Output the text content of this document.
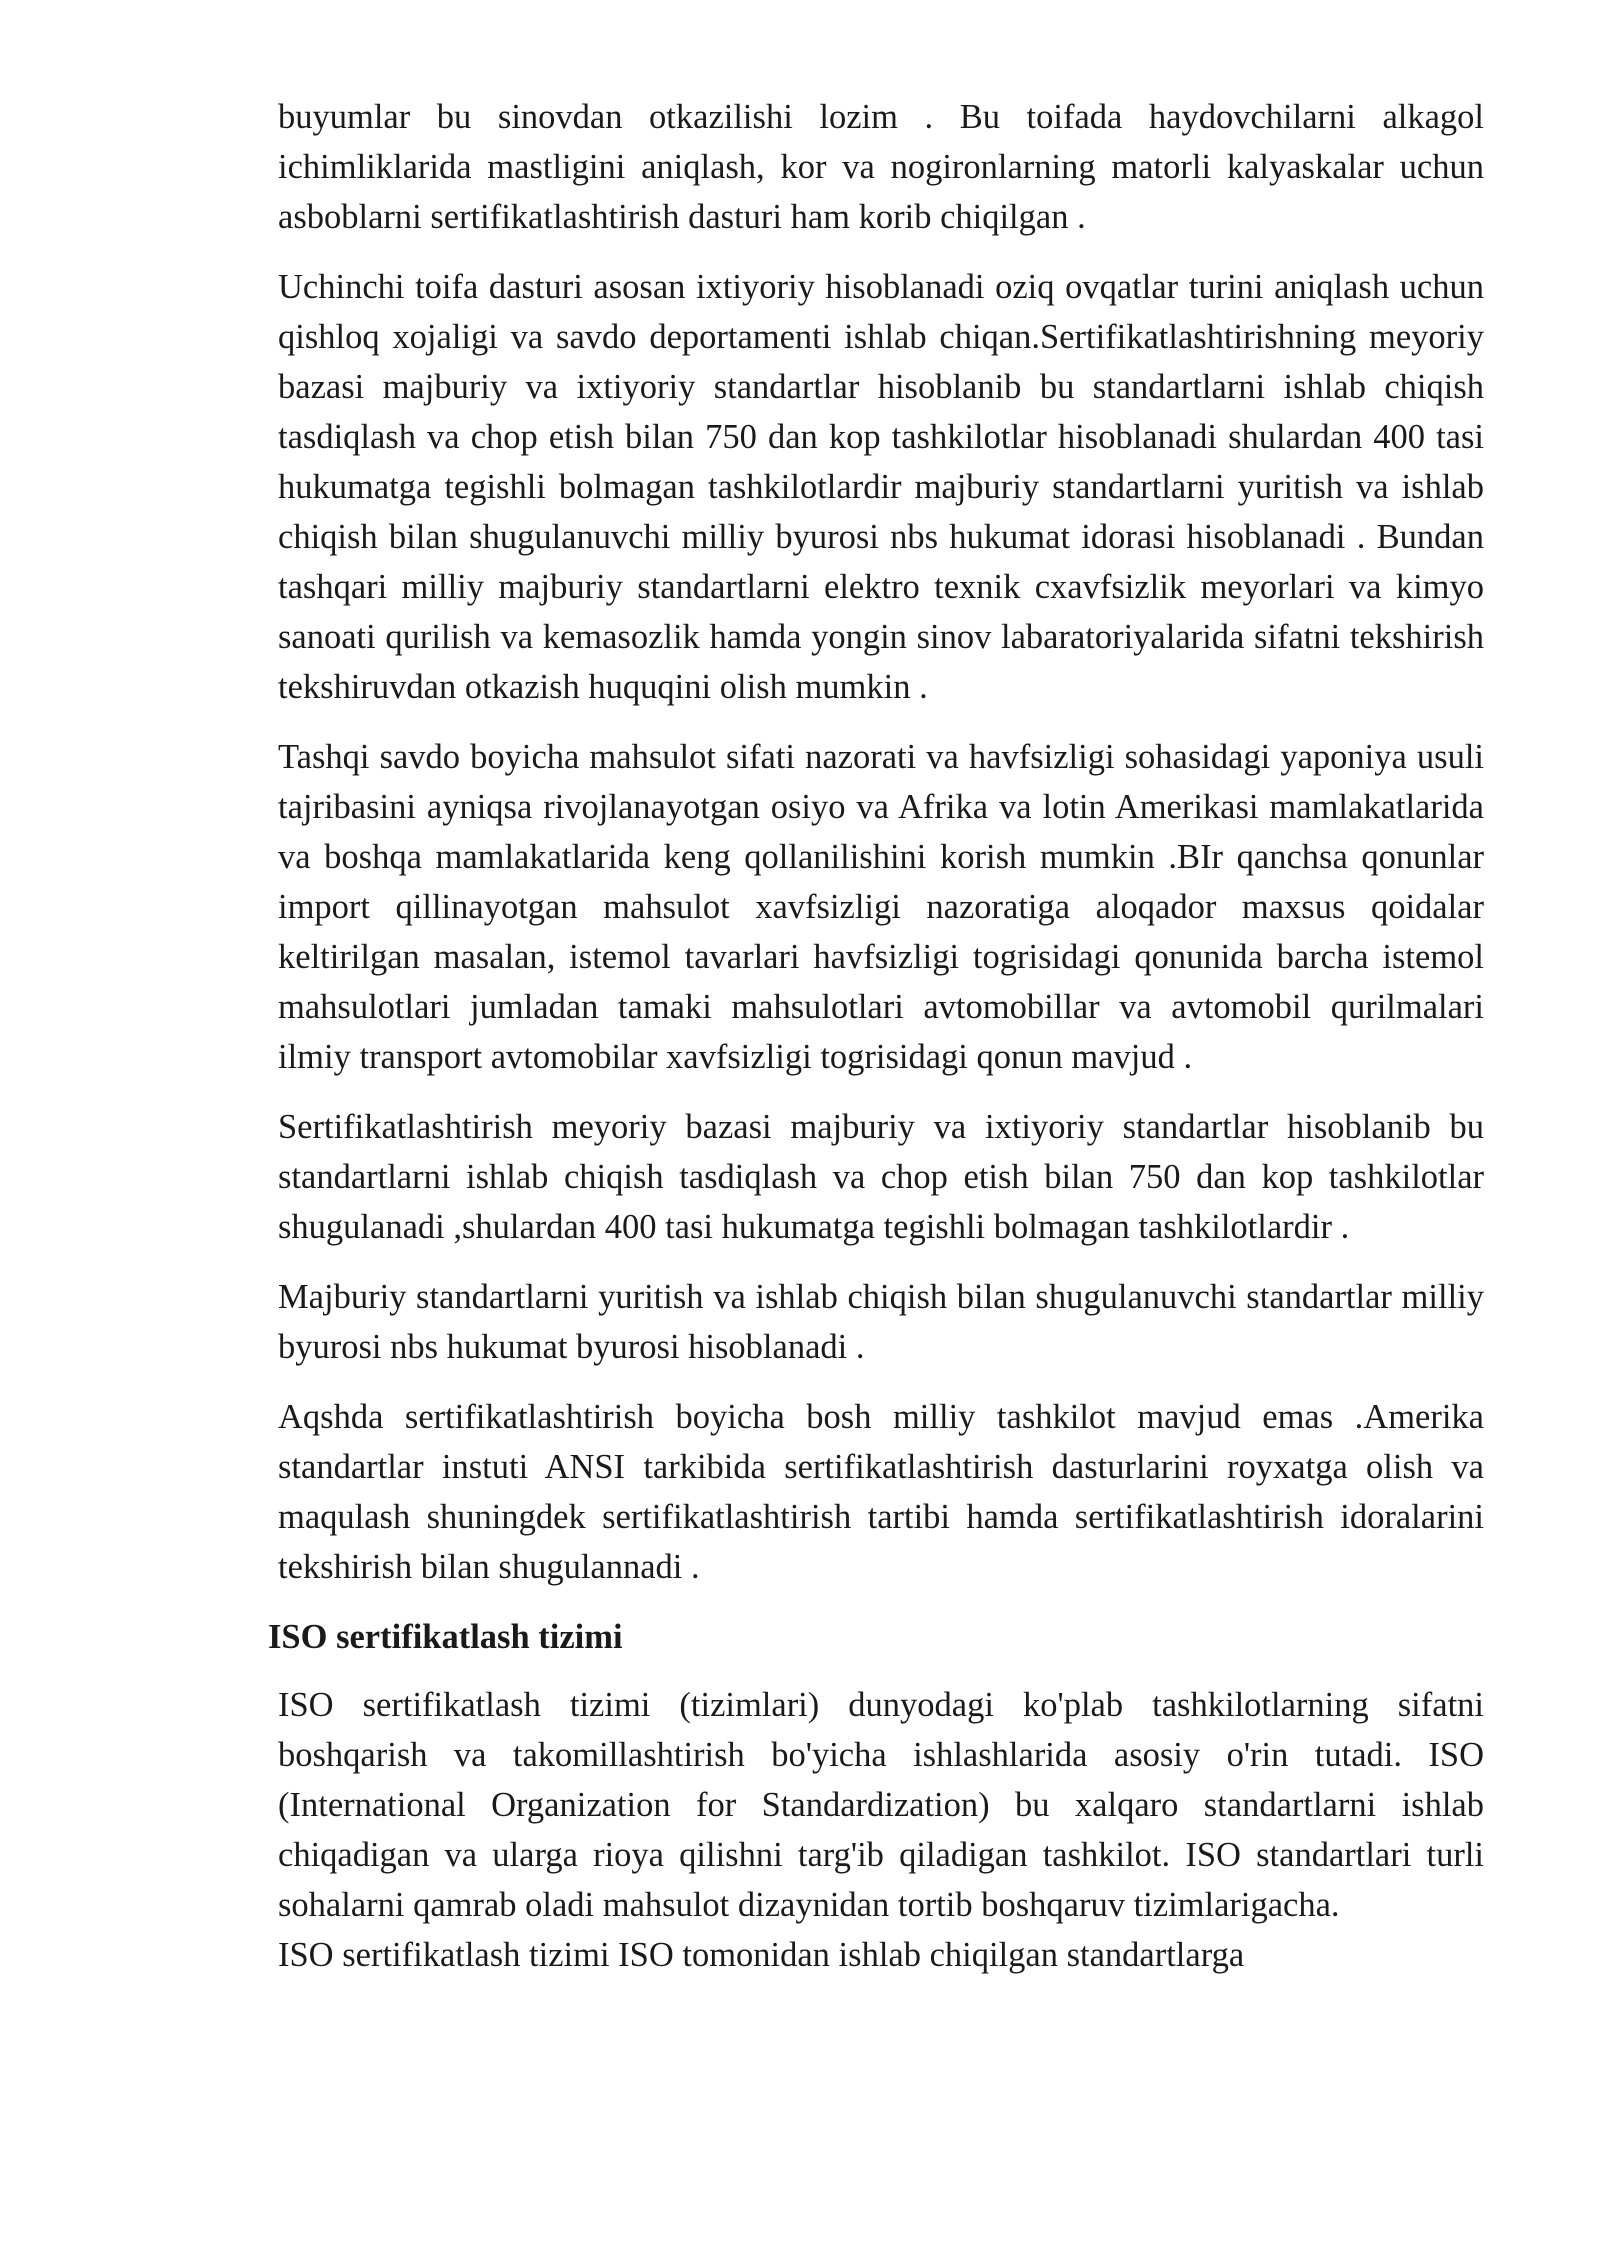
buyumlar bu sinovdan otkazilishi lozim . Bu toifada haydovchilarni alkagol ichimliklarida mastligini aniqlash, kor va nogironlarning matorli kalyaskalar uchun asboblarni sertifikatlashtirish dasturi ham korib chiqilgan .

Uchinchi toifa dasturi asosan ixtiyoriy hisoblanadi oziq ovqatlar turini aniqlash uchun qishloq xojaligi va savdo deportamenti ishlab chiqan.Sertifikatlashtirishning meyoriy bazasi majburiy va ixtiyoriy standartlar hisoblanib bu standartlarni ishlab chiqish tasdiqlash va chop etish bilan 750 dan kop tashkilotlar hisoblanadi shulardan 400 tasi hukumatga tegishli bolmagan tashkilotlardir majburiy standartlarni yuritish va ishlab chiqish bilan shugulanuvchi milliy byurosi nbs hukumat idorasi hisoblanadi . Bundan tashqari milliy majburiy standartlarni elektro texnik cxavfsizlik meyorlari va kimyo sanoati qurilish va kemasozlik hamda yongin sinov labaratoriyalarida sifatni tekshirish tekshiruvdan otkazish huquqini olish mumkin .

Tashqi savdo boyicha mahsulot sifati nazorati va havfsizligi sohasidagi yaponiya usuli tajribasini ayniqsa rivojlanayotgan osiyo va Afrika va lotin Amerikasi mamlakatlarida va boshqa mamlakatlarida keng qollanilishini korish mumkin .BIr qanchsa qonunlar import qillinayotgan mahsulot xavfsizligi nazoratiga aloqador maxsus qoidalar keltirilgan masalan, istemol tavarlari havfsizligi togrisidagi qonunida barcha istemol mahsulotlari jumladan tamaki mahsulotlari avtomobillar va avtomobil qurilmalari ilmiy transport avtomobilar xavfsizligi togrisidagi qonun mavjud .

Sertifikatlashtirish meyoriy bazasi majburiy va ixtiyoriy standartlar hisoblanib bu standartlarni ishlab chiqish tasdiqlash va chop etish bilan 750 dan kop tashkilotlar shugulanadi ,shulardan 400 tasi hukumatga tegishli bolmagan tashkilotlardir .

Majburiy standartlarni yuritish va ishlab chiqish bilan shugulanuvchi standartlar milliy byurosi nbs hukumat byurosi hisoblanadi .

Aqshda sertifikatlashtirish boyicha bosh milliy tashkilot mavjud emas .Amerika standartlar instuti ANSI tarkibida sertifikatlashtirish dasturlarini royxatga olish va maqulash shuningdek sertifikatlashtirish tartibi hamda sertifikatlashtirish idoralarini tekshirish bilan shugulannadi .

ISO sertifikatlash tizimi

ISO sertifikatlash tizimi (tizimlari) dunyodagi ko'plab tashkilotlarning sifatni boshqarish va takomillashtirish bo'yicha ishlashlarida asosiy o'rin tutadi. ISO (International Organization for Standardization) bu xalqaro standartlarni ishlab chiqadigan va ularga rioya qilishni targ'ib qiladigan tashkilot. ISO standartlari turli sohalarni qamrab oladi mahsulot dizaynidan tortib boshqaruv tizimlarigacha.

ISO sertifikatlash tizimi ISO tomonidan ishlab chiqilgan standartlarga
